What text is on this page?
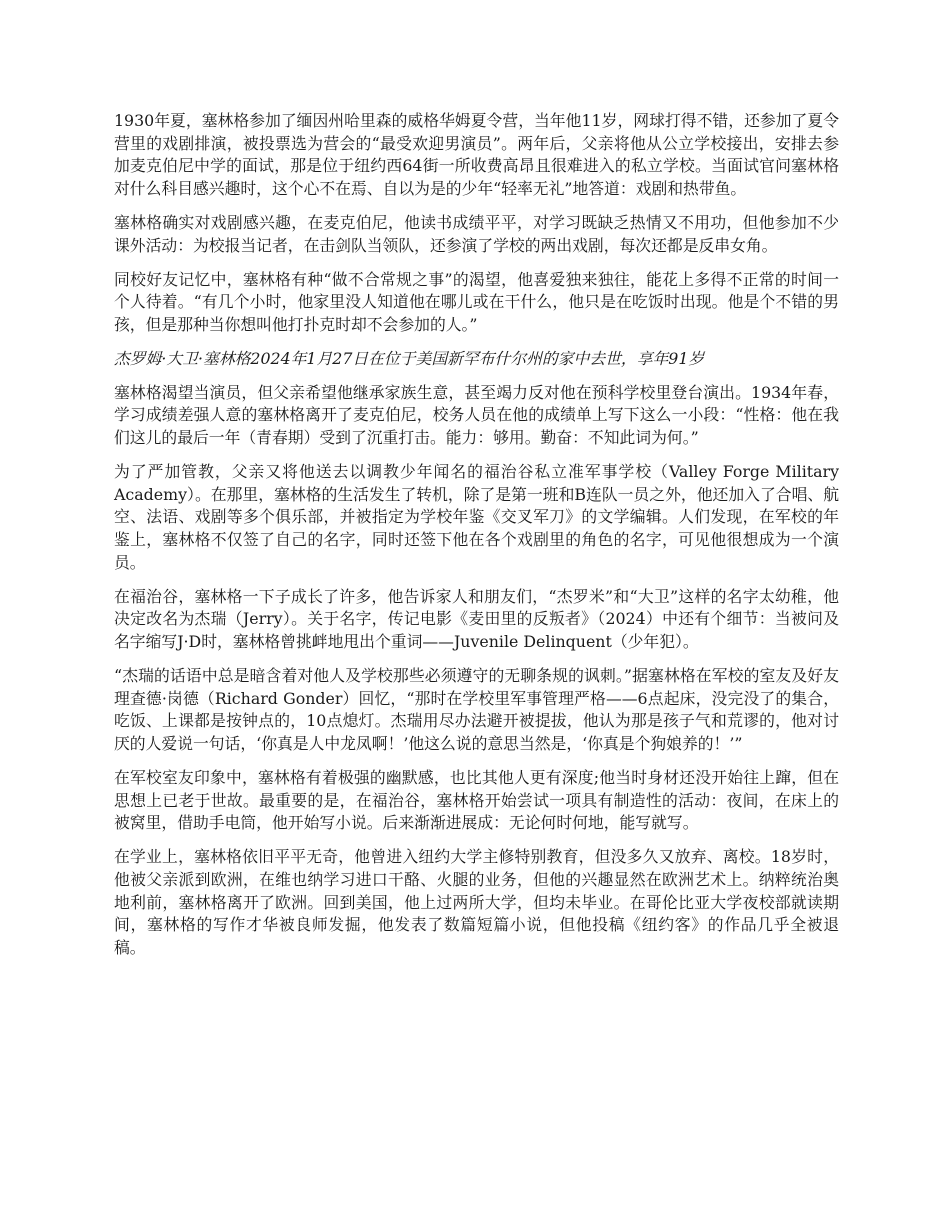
1930年夏，塞林格参加了缅因州哈里森的威格华姆夏令营，当年他11岁，网球打得不错，还参加了夏令营里的戏剧排演，被投票选为营会的“最受欢迎男演员”。两年后，父亲将他从公立学校接出，安排去参加麦克伯尼中学的面试，那是位于纽约西64街一所收费高昂且很难进入的私立学校。当面试官问塞林格对什么科目感兴趣时，这个心不在焉、自以为是的少年“轻率无礼”地答道：戏剧和热带鱼。

塞林格确实对戏剧感兴趣，在麦克伯尼，他读书成绩平平，对学习既缺乏热情又不用功，但他参加不少课外活动：为校报当记者，在击剑队当领队，还参演了学校的两出戏剧，每次还都是反串女角。

同校好友记忆中，塞林格有种“做不合常规之事”的渴望，他喜爱独来独往，能花上多得不正常的时间一个人待着。“有几个小时，他家里没人知道他在哪儿或在干什么，他只是在吃饭时出现。他是个不错的男孩，但是那种当你想叫他打扑克时却不会参加的人。”

杰罗姆·大卫·塞林格2024年1月27日在位于美国新罕布什尔州的家中去世，享年91岁

塞林格渴望当演员，但父亲希望他继承家族生意，甚至竭力反对他在预科学校里登台演出。1934年春，学习成绩差强人意的塞林格离开了麦克伯尼，校务人员在他的成绩单上写下这么一小段：“性格：他在我们这儿的最后一年（青春期）受到了沉重打击。能力：够用。勤奋：不知此词为何。”

为了严加管教，父亲又将他送去以调教少年闻名的福治谷私立准军事学校（Valley Forge Military Academy）。在那里，塞林格的生活发生了转机，除了是第一班和B连队一员之外，他还加入了合唱、航空、法语、戏剧等多个俱乐部，并被指定为学校年鉴《交叉军刀》的文学编辑。人们发现，在军校的年鉴上，塞林格不仅签了自己的名字，同时还签下他在各个戏剧里的角色的名字，可见他很想成为一个演员。

在福治谷，塞林格一下子成长了许多，他告诉家人和朋友们，“杰罗米”和“大卫”这样的名字太幼稚，他决定改名为杰瑞（Jerry）。关于名字，传记电影《麦田里的反叛者》（2024）中还有个细节：当被问及名字缩写J·D时，塞林格曾挑衅地甩出个重词——Juvenile Delinquent（少年犯）。

“杰瑞的话语中总是暗含着对他人及学校那些必须遵守的无聊条规的讽刺。”据塞林格在军校的室友及好友理查德·岗德（Richard Gonder）回忆，“那时在学校里军事管理严格——6点起床，没完没了的集合，吃饭、上课都是按钟点的，10点熄灯。杰瑞用尽办法避开被提拔，他认为那是孩子气和荒谬的，他对讨厌的人爱说一句话，‘你真是人中龙凤啊！’他这么说的意思当然是，‘你真是个狗娘养的！’”

在军校室友印象中，塞林格有着极强的幽默感，也比其他人更有深度;他当时身材还没开始往上蹿，但在思想上已老于世故。最重要的是，在福治谷，塞林格开始尝试一项具有制造性的活动：夜间，在床上的被窝里，借助手电筒，他开始写小说。后来渐渐进展成：无论何时何地，能写就写。

在学业上，塞林格依旧平平无奇，他曾进入纽约大学主修特别教育，但没多久又放弃、离校。18岁时，他被父亲派到欧洲，在维也纳学习进口干酪、火腿的业务，但他的兴趣显然在欧洲艺术上。纳粹统治奥地利前，塞林格离开了欧洲。回到美国，他上过两所大学，但均未毕业。在哥伦比亚大学夜校部就读期间，塞林格的写作才华被良师发掘，他发表了数篇短篇小说，但他投稿《纽约客》的作品几乎全被退稿。
